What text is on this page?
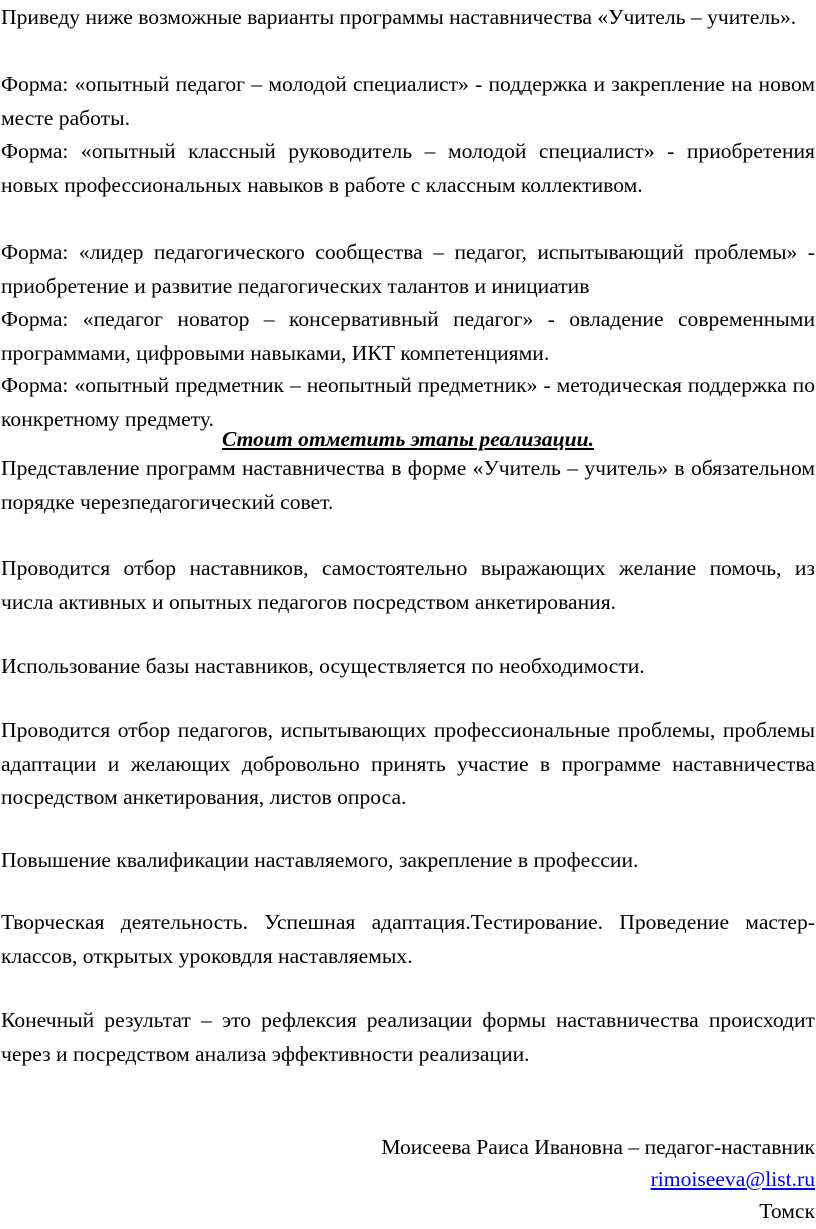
Приведу ниже возможные варианты программы наставничества «Учитель – учитель».

Форма: «опытный педагог – молодой специалист» - поддержка и закрепление на новом месте работы.

Форма: «опытный классный руководитель – молодой специалист» - приобретения новых профессиональных навыков в работе с классным коллективом.

Форма: «лидер педагогического сообщества – педагог, испытывающий проблемы» - приобретение и развитие педагогических талантов и инициатив

Форма: «педагог новатор – консервативный педагог» - овладение современными программами, цифровыми навыками, ИКТ компетенциями.

Форма: «опытный предметник – неопытный предметник» - методическая поддержка по конкретному предмету.

Стоит отметить этапы реализации.

Представление программ наставничества в форме «Учитель – учитель» в обязательном порядке черезпедагогический совет.

Проводится отбор наставников, самостоятельно выражающих желание помочь, из числа активных и опытных педагогов посредством анкетирования.

Использование базы наставников, осуществляется по необходимости.

Проводится отбор педагогов, испытывающих профессиональные проблемы, проблемы адаптации и желающих добровольно принять участие в программе наставничества посредством анкетирования, листов опроса.

Повышение квалификации наставляемого, закрепление в профессии.

Творческая деятельность. Успешная адаптация.Тестирование. Проведение мастер-классов, открытых уроковдля наставляемых.

Конечный результат – это рефлексия реализации формы наставничества происходит через и посредством анализа эффективности реализации.

Моисеева Раиса Ивановна – педагог-наставник

rimoiseeva@list.ru

Томск
